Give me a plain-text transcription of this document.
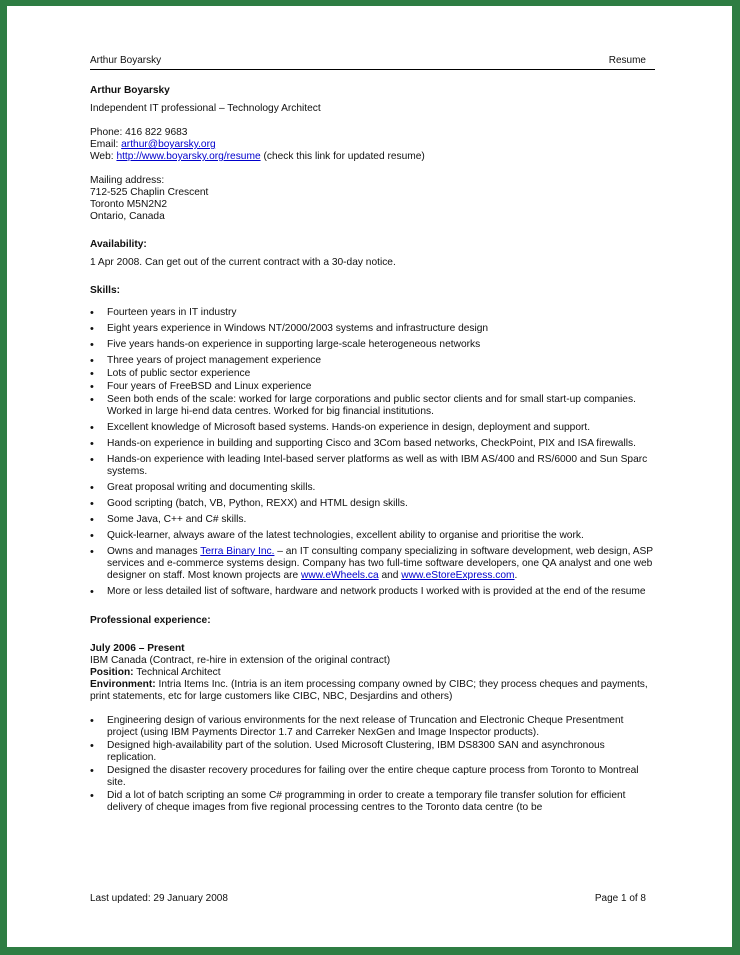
Arthur Boyarsky	Resume

Arthur Boyarsky

Independent IT professional – Technology Architect

Phone: 416 822 9683

Email: arthur@boyarsky.org

Web: http://www.boyarsky.org/resume (check this link for updated resume)

Mailing address:

712-525 Chaplin Crescent

Toronto M5N2N2

Ontario, Canada

Availability:

1 Apr 2008. Can get out of the current contract with a 30-day notice.

Skills:

• Fourteen years in IT industry
• Eight years experience in Windows NT/2000/2003 systems and infrastructure design
• Five years hands-on experience in supporting large-scale heterogeneous networks
• Three years of project management experience
• Lots of public sector experience
• Four years of FreeBSD and Linux experience
• Seen both ends of the scale: worked for large corporations and public sector clients and for small start-up companies. Worked in large hi-end data centres. Worked for big financial institutions.
• Excellent knowledge of Microsoft based systems. Hands-on experience in design, deployment and support.
• Hands-on experience in building and supporting Cisco and 3Com based networks, CheckPoint, PIX and ISA firewalls.
• Hands-on experience with leading Intel-based server platforms as well as with IBM AS/400 and RS/6000 and Sun Sparc systems.
• Great proposal writing and documenting skills.
• Good scripting (batch, VB, Python, REXX) and HTML design skills.
• Some Java, C++ and C# skills.
• Quick-learner, always aware of the latest technologies, excellent ability to organise and prioritise the work.
• Owns and manages Terra Binary Inc. – an IT consulting company specializing in software development, web design, ASP services and e-commerce systems design. Company has two full-time software developers, one QA analyst and one web designer on staff. Most known projects are www.eWheels.ca and www.eStoreExpress.com.
• More or less detailed list of software, hardware and network products I worked with is provided at the end of the resume

Professional experience:

July 2006 – Present

IBM Canada (Contract, re-hire in extension of the original contract)

Position: Technical Architect

Environment: Intria Items Inc. (Intria is an item processing company owned by CIBC; they process cheques and payments, print statements, etc for large customers like CIBC, NBC, Desjardins and others)

• Engineering design of various environments for the next release of Truncation and Electronic Cheque Presentment project (using IBM Payments Director 1.7 and Carreker NexGen and Image Inspector products).
• Designed high-availability part of the solution. Used Microsoft Clustering, IBM DS8300 SAN and asynchronous replication.
• Designed the disaster recovery procedures for failing over the entire cheque capture process from Toronto to Montreal site.
• Did a lot of batch scripting an some C# programming in order to create a temporary file transfer solution for efficient delivery of cheque images from five regional processing centres to the Toronto data centre (to be
Last updated: 29 January 2008	Page 1 of 8
